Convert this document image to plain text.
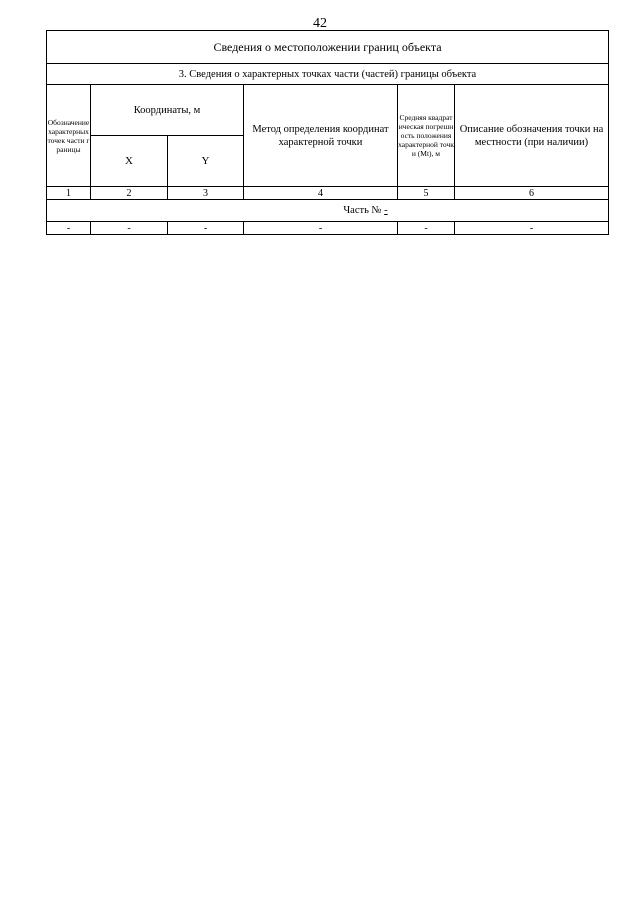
42
Сведения о местоположении границ объекта					
3. Сведения о характерных точках части (частей) границы объекта					
Обозначение характерных точек части границы	Координаты, м		Метод определения координат характерной точки	Средняя квадратическая погрешность положения характерной точки (Mt), м	Описание обозначения точки на местности (при наличии)
	X	Y			
1	2	3	4	5	6
Часть № -					
-	-	-	-	-	-
